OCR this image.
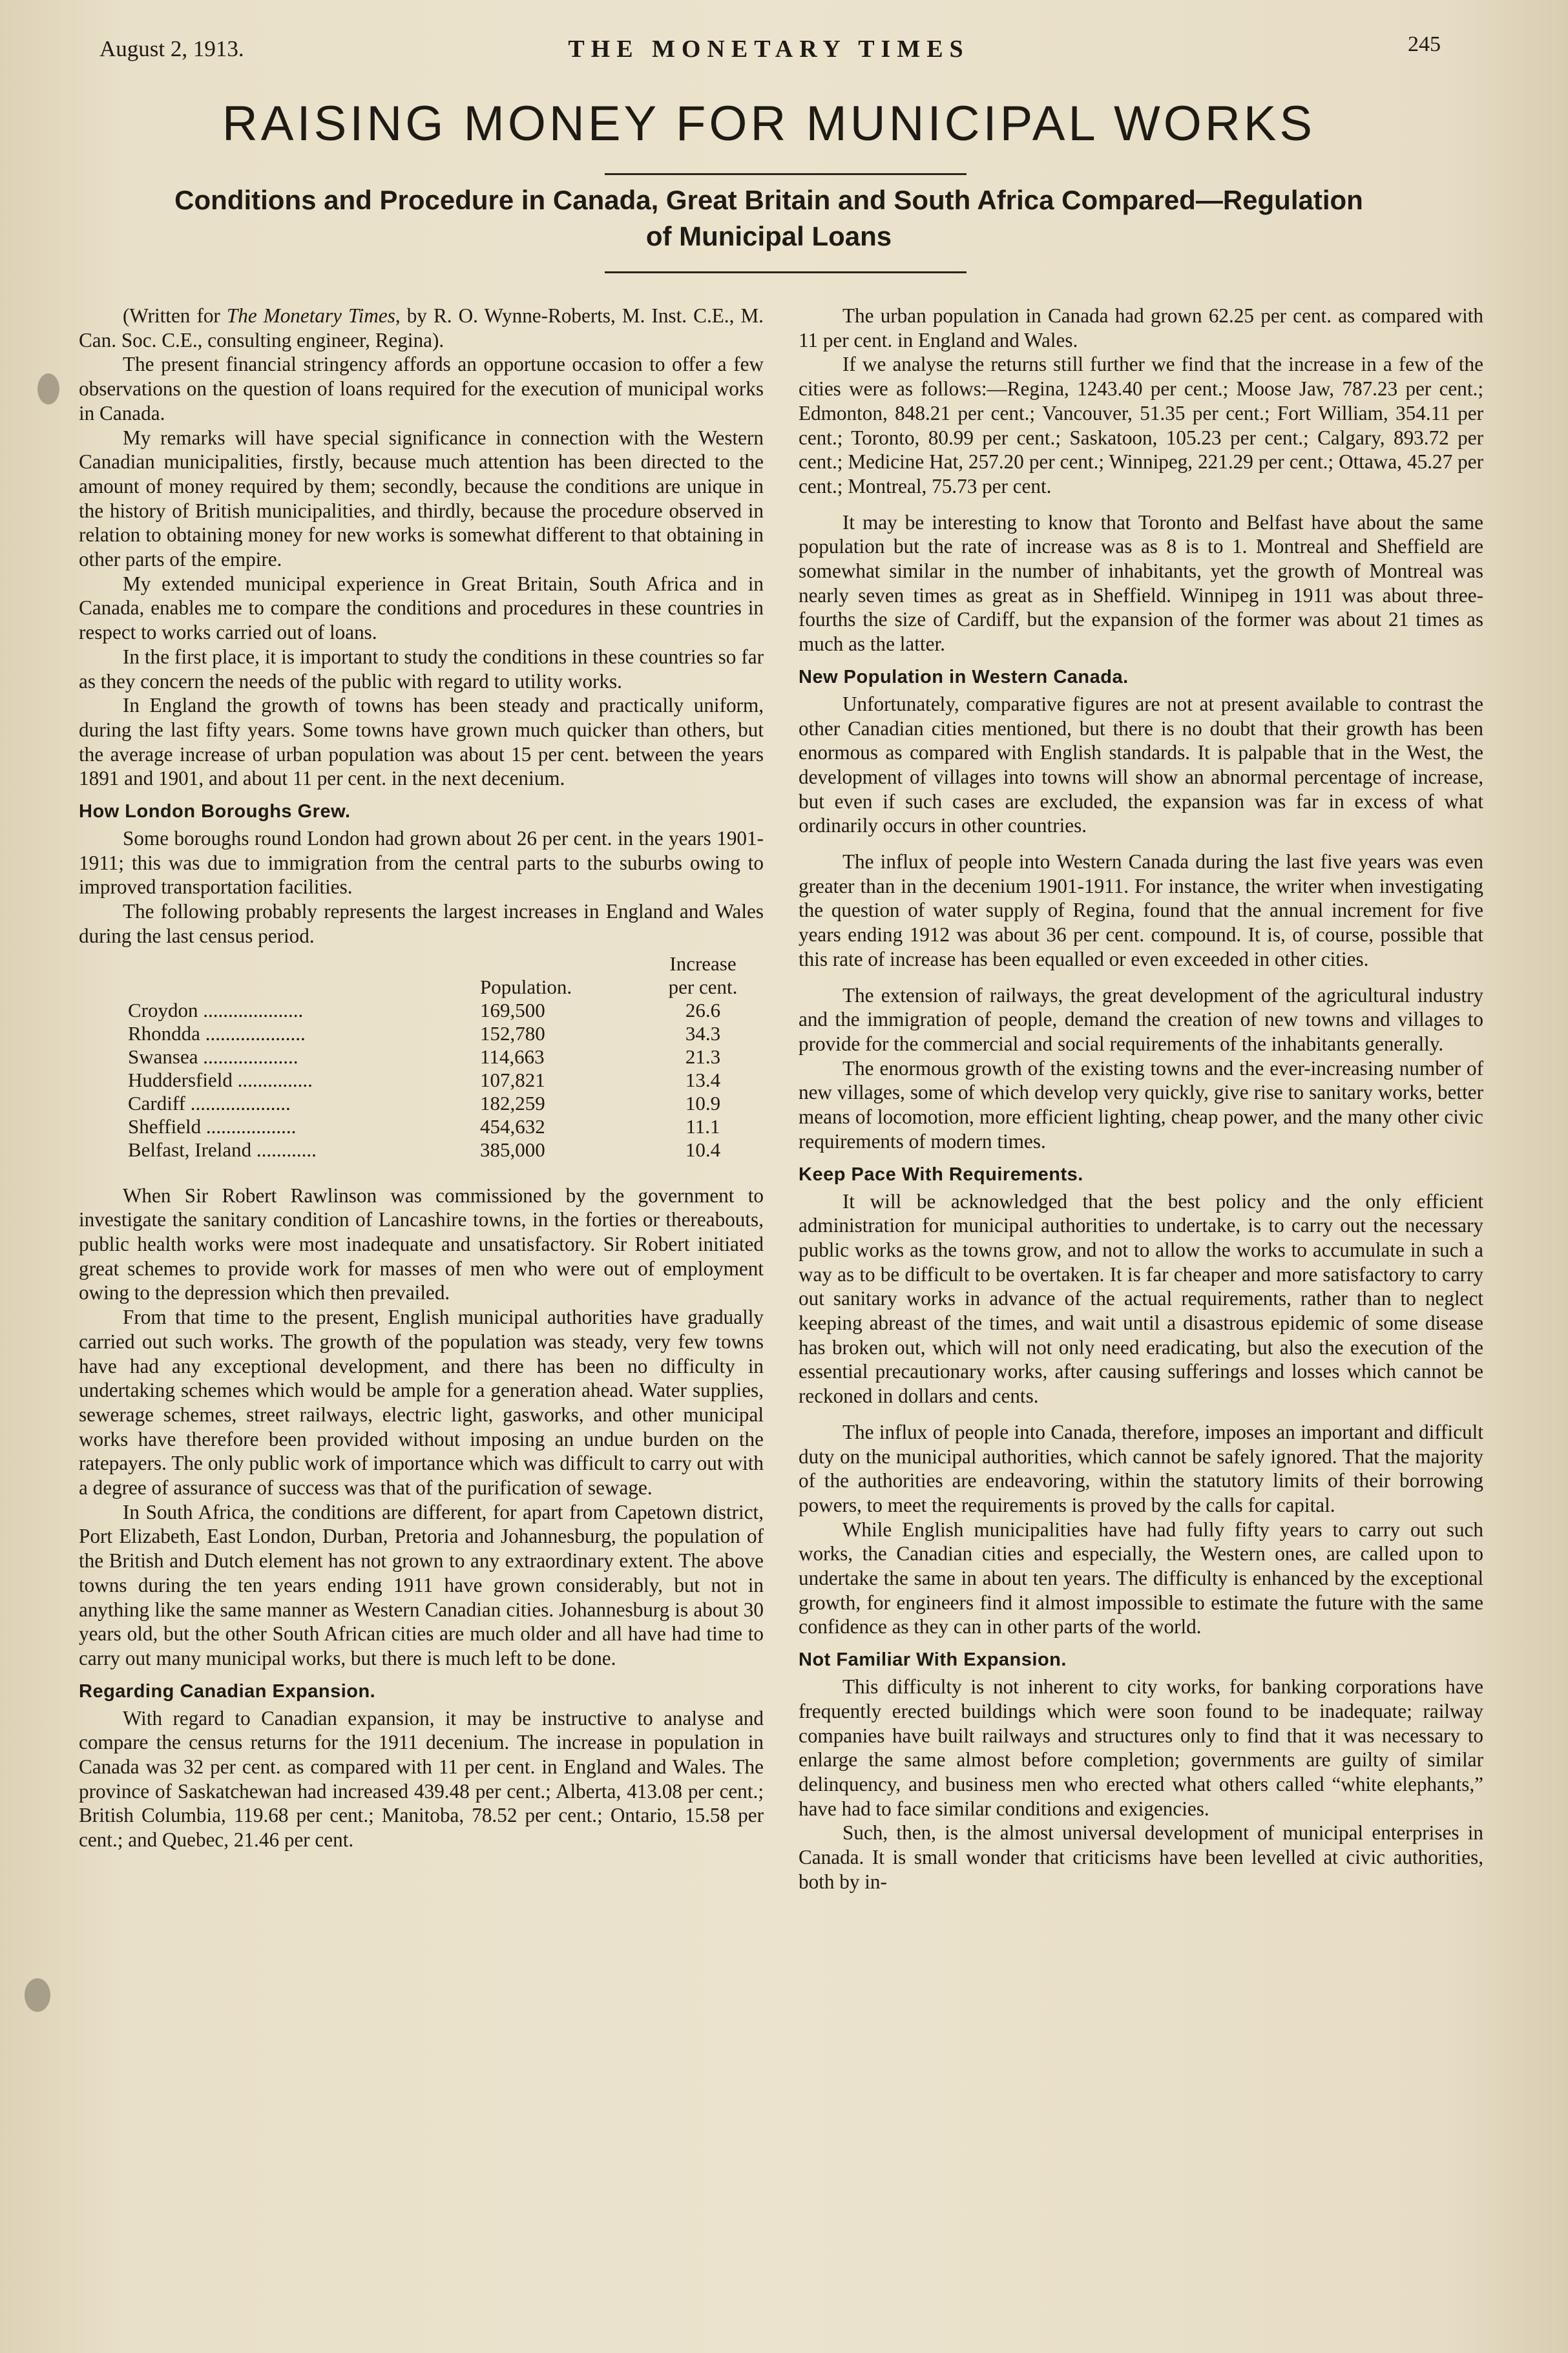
August 2, 1913.	THE MONETARY TIMES	245
RAISING MONEY FOR MUNICIPAL WORKS
Conditions and Procedure in Canada, Great Britain and South Africa Compared—Regulation
of Municipal Loans

(Written for The Monetary Times, by R. O. Wynne-Roberts, M. Inst. C.E., M. Can. Soc. C.E., consulting engineer, Regina).

The present financial stringency affords an opportune occasion to offer a few observations on the question of loans required for the execution of municipal works in Canada.

My remarks will have special significance in connection with the Western Canadian municipalities, firstly, because much attention has been directed to the amount of money required by them; secondly, because the conditions are unique in the history of British municipalities, and thirdly, because the procedure observed in relation to obtaining money for new works is somewhat different to that obtaining in other parts of the empire.

My extended municipal experience in Great Britain, South Africa and in Canada, enables me to compare the conditions and procedures in these countries in respect to works carried out of loans.

In the first place, it is important to study the conditions in these countries so far as they concern the needs of the public with regard to utility works.

In England the growth of towns has been steady and practically uniform, during the last fifty years. Some towns have grown much quicker than others, but the average increase of urban population was about 15 per cent. between the years 1891 and 1901, and about 11 per cent. in the next decenium.

How London Boroughs Grew.

Some boroughs round London had grown about 26 per cent. in the years 1901-1911; this was due to immigration from the central parts to the suburbs owing to improved transportation facilities.

The following probably represents the largest increases in England and Wales during the last census period.

		Increase
	Population.	per cent.
Croydon ....................	169,500	26.6
Rhondda ....................	152,780	34.3
Swansea ...................	114,663	21.3
Huddersfield ...............	107,821	13.4
Cardiff ....................	182,259	10.9
Sheffield ..................	454,632	11.1
Belfast, Ireland ............	385,000	10.4

When Sir Robert Rawlinson was commissioned by the government to investigate the sanitary condition of Lancashire towns, in the forties or thereabouts, public health works were most inadequate and unsatisfactory. Sir Robert initiated great schemes to provide work for masses of men who were out of employment owing to the depression which then prevailed.

From that time to the present, English municipal authorities have gradually carried out such works. The growth of the population was steady, very few towns have had any exceptional development, and there has been no difficulty in undertaking schemes which would be ample for a generation ahead. Water supplies, sewerage schemes, street railways, electric light, gasworks, and other municipal works have therefore been provided without imposing an undue burden on the ratepayers. The only public work of importance which was difficult to carry out with a degree of assurance of success was that of the purification of sewage.

In South Africa, the conditions are different, for apart from Capetown district, Port Elizabeth, East London, Durban, Pretoria and Johannesburg, the population of the British and Dutch element has not grown to any extraordinary extent. The above towns during the ten years ending 1911 have grown considerably, but not in anything like the same manner as Western Canadian cities. Johannesburg is about 30 years old, but the other South African cities are much older and all have had time to carry out many municipal works, but there is much left to be done.

Regarding Canadian Expansion.

With regard to Canadian expansion, it may be instructive to analyse and compare the census returns for the 1911 decenium. The increase in population in Canada was 32 per cent. as compared with 11 per cent. in England and Wales. The province of Saskatchewan had increased 439.48 per cent.; Alberta, 413.08 per cent.; British Columbia, 119.68 per cent.; Manitoba, 78.52 per cent.; Ontario, 15.58 per cent.; and Quebec, 21.46 per cent.

The urban population in Canada had grown 62.25 per cent. as compared with 11 per cent. in England and Wales.

If we analyse the returns still further we find that the increase in a few of the cities were as follows:—Regina, 1243.40 per cent.; Moose Jaw, 787.23 per cent.; Edmonton, 848.21 per cent.; Vancouver, 51.35 per cent.; Fort William, 354.11 per cent.; Toronto, 80.99 per cent.; Saskatoon, 105.23 per cent.; Calgary, 893.72 per cent.; Medicine Hat, 257.20 per cent.; Winnipeg, 221.29 per cent.; Ottawa, 45.27 per cent.; Montreal, 75.73 per cent.

It may be interesting to know that Toronto and Belfast have about the same population but the rate of increase was as 8 is to 1. Montreal and Sheffield are somewhat similar in the number of inhabitants, yet the growth of Montreal was nearly seven times as great as in Sheffield. Winnipeg in 1911 was about three-fourths the size of Cardiff, but the expansion of the former was about 21 times as much as the latter.

New Population in Western Canada.

Unfortunately, comparative figures are not at present available to contrast the other Canadian cities mentioned, but there is no doubt that their growth has been enormous as compared with English standards. It is palpable that in the West, the development of villages into towns will show an abnormal percentage of increase, but even if such cases are excluded, the expansion was far in excess of what ordinarily occurs in other countries.

The influx of people into Western Canada during the last five years was even greater than in the decenium 1901-1911. For instance, the writer when investigating the question of water supply of Regina, found that the annual increment for five years ending 1912 was about 36 per cent. compound. It is, of course, possible that this rate of increase has been equalled or even exceeded in other cities.

The extension of railways, the great development of the agricultural industry and the immigration of people, demand the creation of new towns and villages to provide for the commercial and social requirements of the inhabitants generally.

The enormous growth of the existing towns and the ever-increasing number of new villages, some of which develop very quickly, give rise to sanitary works, better means of locomotion, more efficient lighting, cheap power, and the many other civic requirements of modern times.

Keep Pace With Requirements.

It will be acknowledged that the best policy and the only efficient administration for municipal authorities to undertake, is to carry out the necessary public works as the towns grow, and not to allow the works to accumulate in such a way as to be difficult to be overtaken. It is far cheaper and more satisfactory to carry out sanitary works in advance of the actual requirements, rather than to neglect keeping abreast of the times, and wait until a disastrous epidemic of some disease has broken out, which will not only need eradicating, but also the execution of the essential precautionary works, after causing sufferings and losses which cannot be reckoned in dollars and cents.

The influx of people into Canada, therefore, imposes an important and difficult duty on the municipal authorities, which cannot be safely ignored. That the majority of the authorities are endeavoring, within the statutory limits of their borrowing powers, to meet the requirements is proved by the calls for capital.

While English municipalities have had fully fifty years to carry out such works, the Canadian cities and especially, the Western ones, are called upon to undertake the same in about ten years. The difficulty is enhanced by the exceptional growth, for engineers find it almost impossible to estimate the future with the same confidence as they can in other parts of the world.

Not Familiar With Expansion.

This difficulty is not inherent to city works, for banking corporations have frequently erected buildings which were soon found to be inadequate; railway companies have built railways and structures only to find that it was necessary to enlarge the same almost before completion; governments are guilty of similar delinquency, and business men who erected what others called “white elephants,” have had to face similar conditions and exigencies.

Such, then, is the almost universal development of municipal enterprises in Canada. It is small wonder that criticisms have been levelled at civic authorities, both by in-
